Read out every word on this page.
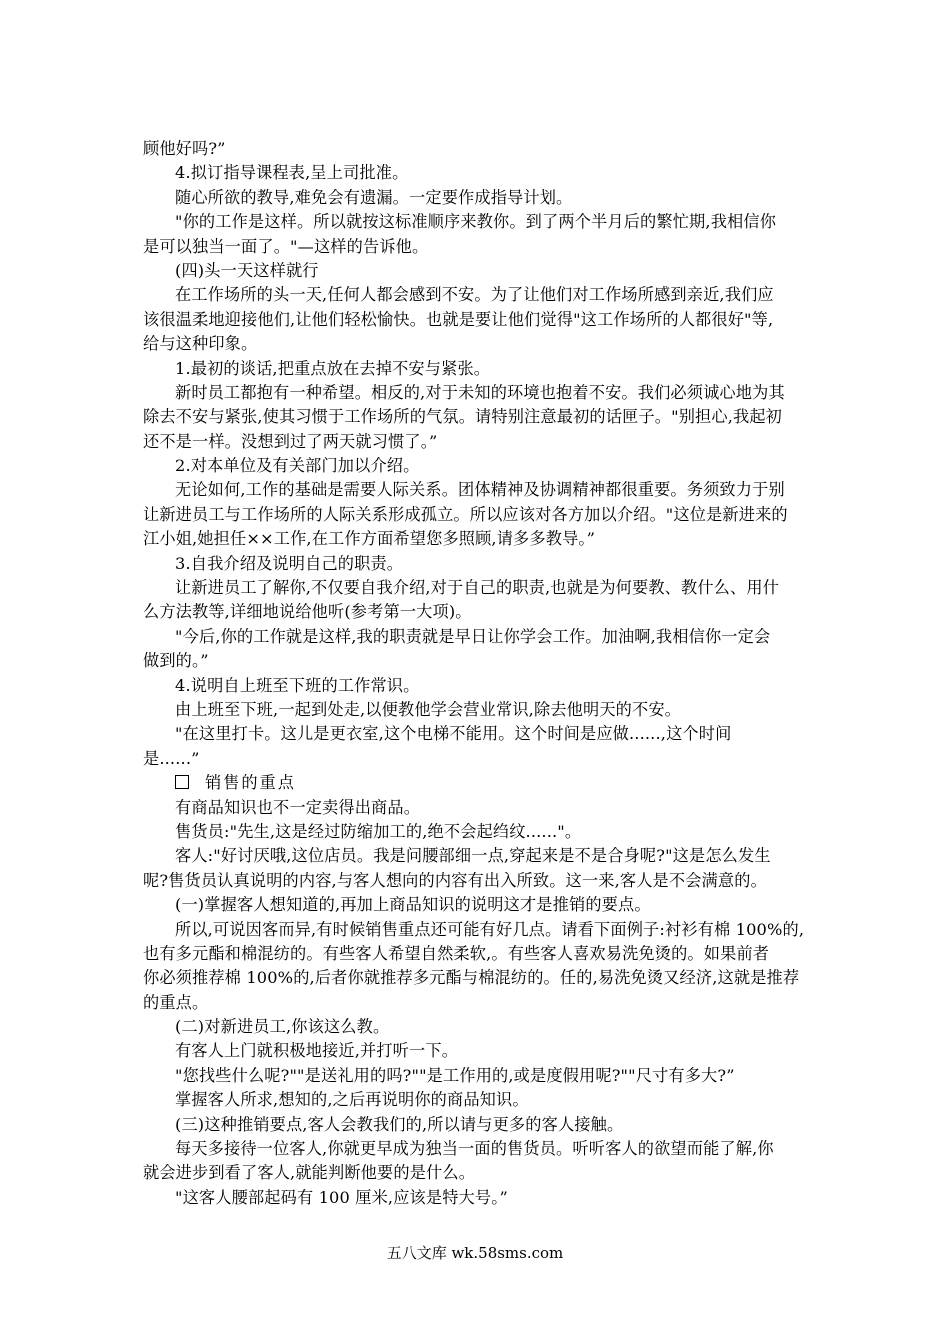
顾他好吗?”
4.拟订指导课程表,呈上司批准。
随心所欲的教导,难免会有遗漏。一定要作成指导计划。
"你的工作是这样。所以就按这标准顺序来教你。到了两个半月后的繁忙期,我相信你
是可以独当一面了。"—这样的告诉他。
(四)头一天这样就行
在工作场所的头一天,任何人都会感到不安。为了让他们对工作场所感到亲近,我们应
该很温柔地迎接他们,让他们轻松愉快。也就是要让他们觉得"这工作场所的人都很好"等,
给与这种印象。
1.最初的谈话,把重点放在去掉不安与紧张。
新时员工都抱有一种希望。相反的,对于未知的环境也抱着不安。我们必须诚心地为其
除去不安与紧张,使其习惯于工作场所的气氛。请特别注意最初的话匣子。"别担心,我起初
还不是一样。没想到过了两天就习惯了。”
2.对本单位及有关部门加以介绍。
无论如何,工作的基础是需要人际关系。团体精神及协调精神都很重要。务须致力于别
让新进员工与工作场所的人际关系形成孤立。所以应该对各方加以介绍。"这位是新进来的
江小姐,她担任××工作,在工作方面希望您多照顾,请多多教导。”
3.自我介绍及说明自己的职责。
让新进员工了解你,不仅要自我介绍,对于自己的职责,也就是为何要教、教什么、用什
么方法教等,详细地说给他听(参考第一大项)。
"今后,你的工作就是这样,我的职责就是早日让你学会工作。加油啊,我相信你一定会
做到的。”
4.说明自上班至下班的工作常识。
由上班至下班,一起到处走,以便教他学会营业常识,除去他明天的不安。
"在这里打卡。这儿是更衣室,这个电梯不能用。这个时间是应做......,这个时间
是......”
销售的重点
有商品知识也不一定卖得出商品。
售货员:"先生,这是经过防缩加工的,绝不会起绉纹......"。
客人:"好讨厌哦,这位店员。我是问腰部细一点,穿起来是不是合身呢?"这是怎么发生
呢?售货员认真说明的内容,与客人想向的内容有出入所致。这一来,客人是不会满意的。
(一)掌握客人想知道的,再加上商品知识的说明这才是推销的要点。
所以,可说因客而异,有时候销售重点还可能有好几点。请看下面例子:衬衫有棉 100%的,
也有多元酯和棉混纺的。有些客人希望自然柔软,。有些客人喜欢易洗免烫的。如果前者
你必须推荐棉 100%的,后者你就推荐多元酯与棉混纺的。任的,易洗免烫又经济,这就是推荐
的重点。
(二)对新进员工,你该这么教。
有客人上门就积极地接近,并打听一下。
"您找些什么呢?""是送礼用的吗?""是工作用的,或是度假用呢?""尺寸有多大?”
掌握客人所求,想知的,之后再说明你的商品知识。
(三)这种推销要点,客人会教我们的,所以请与更多的客人接触。
每天多接待一位客人,你就更早成为独当一面的售货员。听听客人的欲望而能了解,你
就会进步到看了客人,就能判断他要的是什么。
"这客人腰部起码有 100 厘米,应该是特大号。”
五八文库 wk.58sms.com
